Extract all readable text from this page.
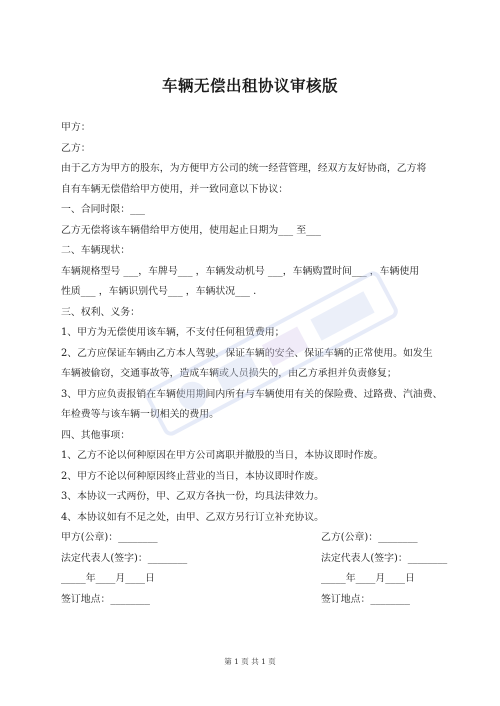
车辆无偿出租协议审核版
甲方：
乙方：
由于乙方为甲方的股东，为方便甲方公司的统一经营管理，经双方友好协商，乙方将
自有车辆无偿借给甲方使用，并一致同意以下协议：
一、合同时限：___
乙方无偿将该车辆借给甲方使用，使用起止日期为___ 至___
二、车辆现状：
车辆规格型号 ___，车牌号___ ，车辆发动机号 ___，车辆购置时间___ ，车辆使用
性质___ ，车辆识别代号___ ，车辆状况___ .
三、权利、义务：
1、甲方为无偿使用该车辆，不支付任何租赁费用；
2、乙方应保证车辆由乙方本人驾驶，保证车辆的安全、保证车辆的正常使用。如发生
车辆被偷窃，交通事故等，造成车辆或人员损失的，由乙方承担并负责修复；
3、甲方应负责报销在车辆使用期间内所有与车辆使用有关的保险费、过路费、汽油费、
年检费等与该车辆一切相关的费用。
四、其他事项：
1、乙方不论以何种原因在甲方公司离职并撤股的当日，本协议即时作废。
2、甲方不论以何种原因终止营业的当日，本协议即时作废。
3、本协议一式两份，甲、乙双方各执一份，均具法律效力。
4、本协议如有不足之处，由甲、乙双方另行订立补充协议。
甲方(公章)：________	乙方(公章)：________
法定代表人(签字)：________	法定代表人(签字)：________
_____年____月____日	_____年____月____日
签订地点：________	签订地点：________
第 1 页 共 1 页
